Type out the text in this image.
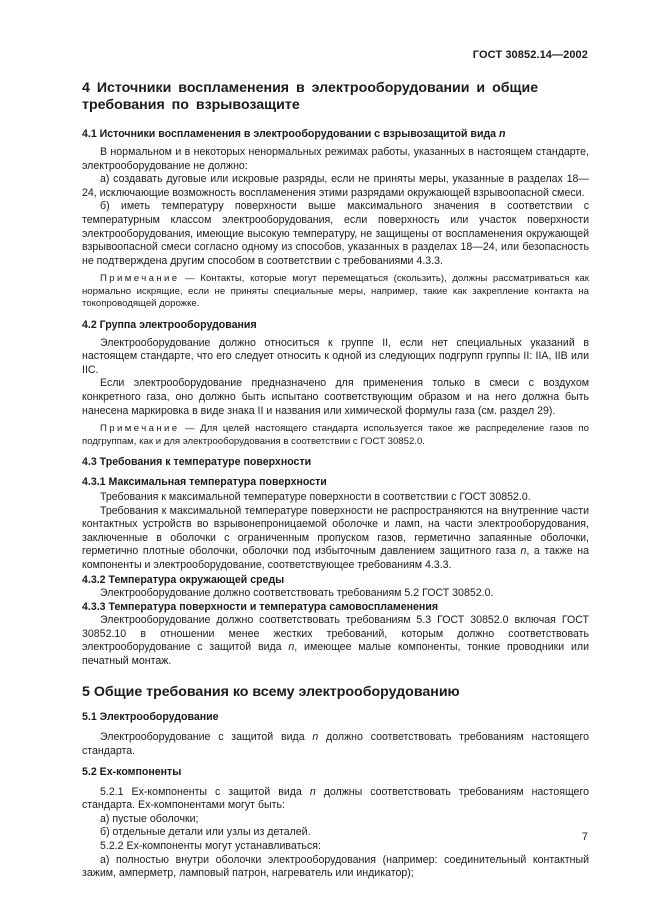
ГОСТ 30852.14—2002
4 Источники воспламенения в электрооборудовании и общие требования по взрывозащите
4.1 Источники воспламенения в электрооборудовании с взрывозащитой вида n

В нормальном и в некоторых ненормальных режимах работы, указанных в настоящем стандарте, электрооборудование не должно:

а) создавать дуговые или искровые разряды, если не приняты меры, указанные в разделах 18—24, исключающие возможность воспламенения этими разрядами окружающей взрывоопасной смеси.

б) иметь температуру поверхности выше максимального значения в соответствии с температурным классом электрооборудования, если поверхность или участок поверхности электрооборудования, имеющие высокую температуру, не защищены от воспламенения окружающей взрывоопасной смеси согласно одному из способов, указанных в разделах 18—24, или безопасность не подтверждена другим способом в соответствии с требованиями 4.3.3.

Примечание — Контакты, которые могут перемещаться (скользить), должны рассматриваться как нормально искрящие, если не приняты специальные меры, например, такие как закрепление контакта на токопроводящей дорожке.

4.2 Группа электрооборудования

Электрооборудование должно относиться к группе II, если нет специальных указаний в настоящем стандарте, что его следует относить к одной из следующих подгрупп группы II: IIA, IIB или IIC.

Если электрооборудование предназначено для применения только в смеси с воздухом конкретного газа, оно должно быть испытано соответствующим образом и на него должна быть нанесена маркировка в виде знака II и названия или химической формулы газа (см. раздел 29).

Примечание — Для целей настоящего стандарта используется такое же распределение газов по подгруппам, как и для электрооборудования в соответствии с ГОСТ 30852.0.

4.3 Требования к температуре поверхности
4.3.1 Максимальная температура поверхности

Требования к максимальной температуре поверхности в соответствии с ГОСТ 30852.0.

Требования к максимальной температуре поверхности не распространяются на внутренние части контактных устройств во взрывонепроницаемой оболочке и ламп, на части электрооборудования, заключенные в оболочки с ограниченным пропуском газов, герметично запаянные оболочки, герметично плотные оболочки, оболочки под избыточным давлением защитного газа n, а также на компоненты и электрооборудование, соответствующее требованиям 4.3.3.

4.3.2 Температура окружающей среды

Электрооборудование должно соответствовать требованиям 5.2 ГОСТ 30852.0.

4.3.3 Температура поверхности и температура самовоспламенения

Электрооборудование должно соответствовать требованиям 5.3 ГОСТ 30852.0 включая ГОСТ 30852.10 в отношении менее жестких требований, которым должно соответствовать электрооборудование с защитой вида n, имеющее малые компоненты, тонкие проводники или печатный монтаж.

5 Общие требования ко всему электрооборудованию
5.1 Электрооборудование

Электрооборудование с защитой вида n должно соответствовать требованиям настоящего стандарта.

5.2 Ex-компоненты

5.2.1 Ex-компоненты с защитой вида n должны соответствовать требованиям настоящего стандарта. Ex-компонентами могут быть:

а) пустые оболочки;

б) отдельные детали или узлы из деталей.

5.2.2 Ex-компоненты могут устанавливаться:

а) полностью внутри оболочки электрооборудования (например: соединительный контактный зажим, амперметр, ламповый патрон, нагреватель или индикатор);

7
